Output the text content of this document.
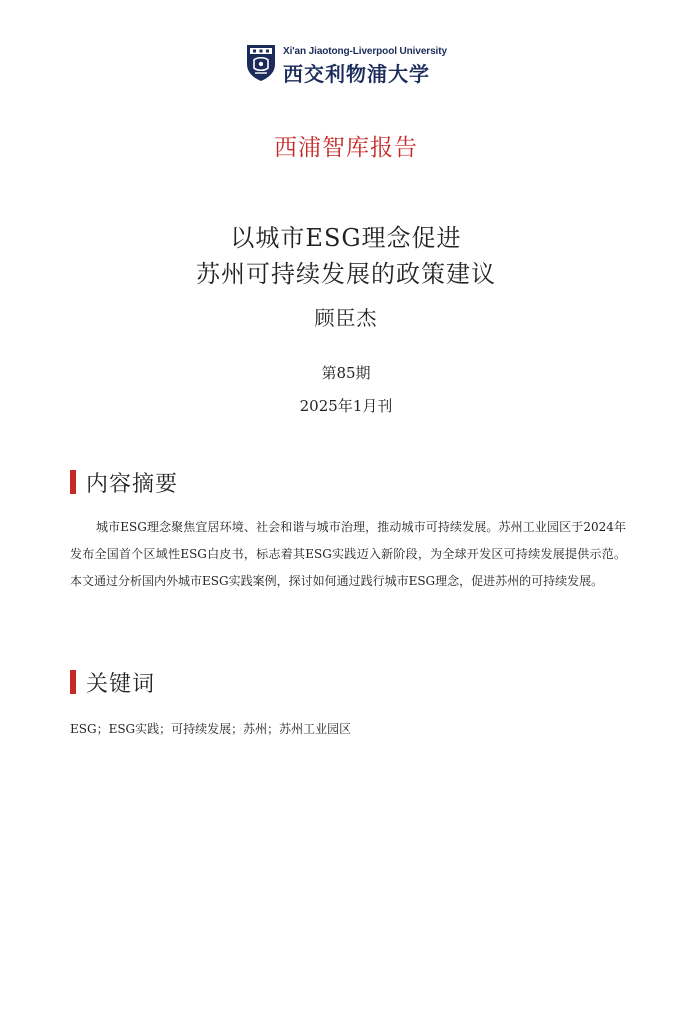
Xi'an Jiaotong-Liverpool University
西交利物浦大学
西浦智库报告
以城市ESG理念促进
苏州可持续发展的政策建议
顾臣杰
第85期
2025年1月刊
内容摘要

城市ESG理念聚焦宜居环境、社会和谐与城市治理，推动城市可持续发展。苏州工业园区于2024年发布全国首个区域性ESG白皮书，标志着其ESG实践迈入新阶段，为全球开发区可持续发展提供示范。本文通过分析国内外城市ESG实践案例，探讨如何通过践行城市ESG理念，促进苏州的可持续发展。

关键词

ESG；ESG实践；可持续发展；苏州；苏州工业园区
